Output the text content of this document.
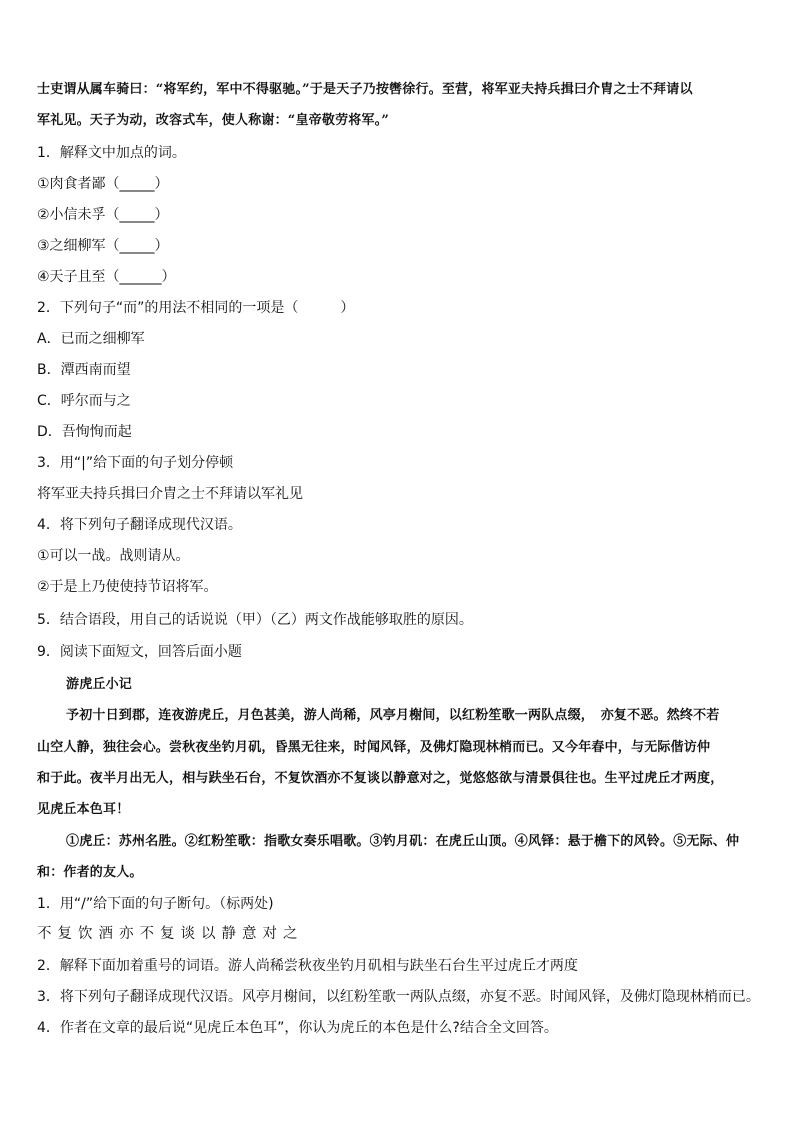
士吏谓从属车骑曰：“将军约，军中不得驱驰。”于是天子乃按辔徐行。至营，将军亚夫持兵揖曰介胄之士不拜请以
军礼见。天子为动，改容式车，使人称谢：“皇帝敬劳将军。”
1．解释文中加点的词。
①肉食者鄙（_____）
②小信未孚（_____）
③之细柳军（_____）
④天子且至（______）
2．下列句子“而”的用法不相同的一项是（　　　）
A．已而之细柳军
B．潭西南而望
C．呼尔而与之
D．吾恂恂而起
3．用“|”给下面的句子划分停顿
将军亚夫持兵揖曰介胄之士不拜请以军礼见
4．将下列句子翻译成现代汉语。
①可以一战。战则请从。
②于是上乃使使持节诏将军。
5．结合语段，用自己的话说说（甲）（乙）两文作战能够取胜的原因。
9．阅读下面短文，回答后面小题
游虎丘小记
予初十日到郡，连夜游虎丘，月色甚美，游人尚稀，风亭月榭间，以红粉笙歌一两队点缀，　亦复不恶。然终不若
山空人静，独往会心。尝秋夜坐钓月矶，昏黑无往来，时闻风铎，及佛灯隐现林梢而已。又今年春中，与无际偕访仲
和于此。夜半月出无人，相与趺坐石台，不复饮酒亦不复谈以静意对之，觉悠悠欲与清景俱往也。生平过虎丘才两度，
见虎丘本色耳！
①虎丘：苏州名胜。②红粉笙歌：指歌女奏乐唱歌。③钓月矶：在虎丘山顶。④风铎：悬于檐下的风铃。⑤无际、仲
和：作者的友人。
1．用“/”给下面的句子断句。（标两处)
不复饮酒亦不复谈以静意对之
2．解释下面加着重号的词语。游人尚稀尝秋夜坐钓月矶相与趺坐石台生平过虎丘才两度
3．将下列句子翻译成现代汉语。风亭月榭间，以红粉笙歌一两队点缀，亦复不恶。时闻风铎，及佛灯隐现林梢而已。
4．作者在文章的最后说“见虎丘本色耳”，你认为虎丘的本色是什么?结合全文回答。
